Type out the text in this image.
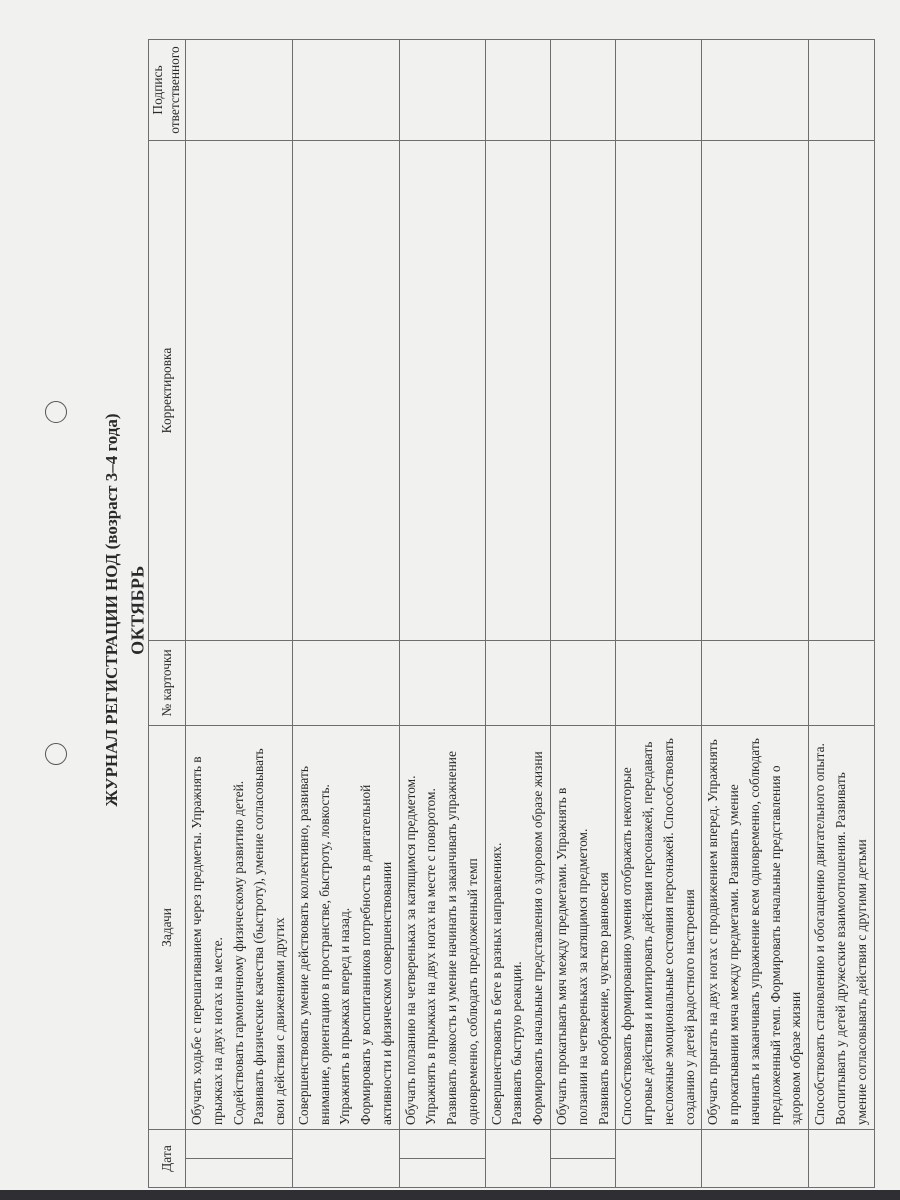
ЖУРНАЛ РЕГИСТРАЦИИ НОД (возраст 3–4 года) ОКТЯБРЬ
Дата	Задачи	№ карточки	Корректировка	Подпись ответственного

	Обучать ходьбе с перешагиванием через предметы. Упражнять в прыжках на двух ногах на месте. Содействовать гармоничному физическому развитию детей. Развивать физические качества (быстроту), умение согласовывать свои действия с движениями других			

	Совершенствовать умение действовать коллективно, развивать внимание, ориентацию в пространстве, быстроту, ловкость. Упражнять в прыжках вперед и назад. Формировать у воспитанников потребность в двигательной активности и физическом совершенствовании			

	Обучать ползанию на четвереньках за катящимся предметом. Упражнять в прыжках на двух ногах на месте с поворотом. Развивать ловкость и умение начинать и заканчивать упражнение одновременно, соблюдать предложенный темп			

	Совершенствовать в беге в разных направлениях. Развивать быструю реакции. Формировать начальные представления о здоровом образе жизни			

	Обучать прокатывать мяч между предметами. Упражнять в ползании на четвереньках за катящимся предметом. Развивать воображение, чувство равновесия			

	Способствовать формированию умения отображать некоторые игровые действия и имитировать действия персонажей, передавать несложные эмоциональные состояния персонажей. Способствовать созданию у детей радостного настроения			

	Обучать прыгать на двух ногах с продвижением вперед. Упражнять в прокатывании мяча между предметами. Развивать умение начинать и заканчивать упражнение всем одновременно, соблюдать предложенный темп. Формировать начальные представления о здоровом образе жизни			

	Способствовать становлению и обогащению двигательного опыта. Воспитывать у детей дружеские взаимоотношения. Развивать умение согласовывать действия с другими детьми			
